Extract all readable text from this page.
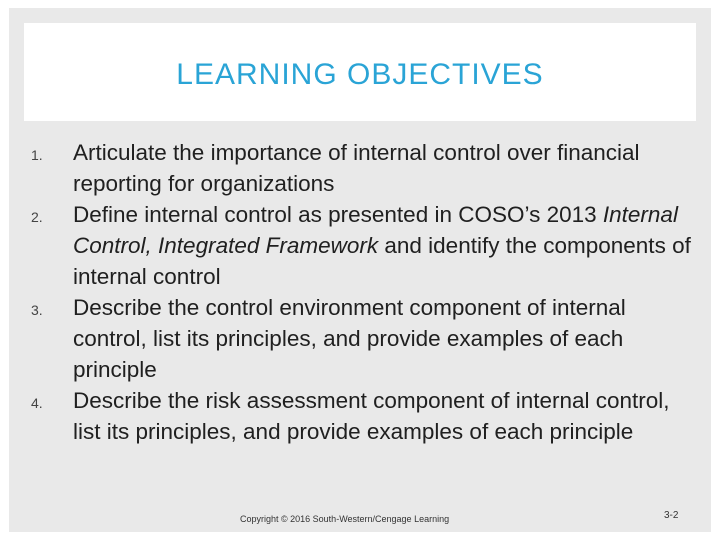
LEARNING OBJECTIVES
1. Articulate the importance of internal control over financial reporting for organizations
2. Define internal control as presented in COSO’s 2013 Internal Control, Integrated Framework and identify the components of internal control
3. Describe the control environment component of internal control, list its principles, and provide examples of each principle
4. Describe the risk assessment component of internal control, list its principles, and provide examples of each principle
Copyright © 2016 South-Western/Cengage Learning	3-2
